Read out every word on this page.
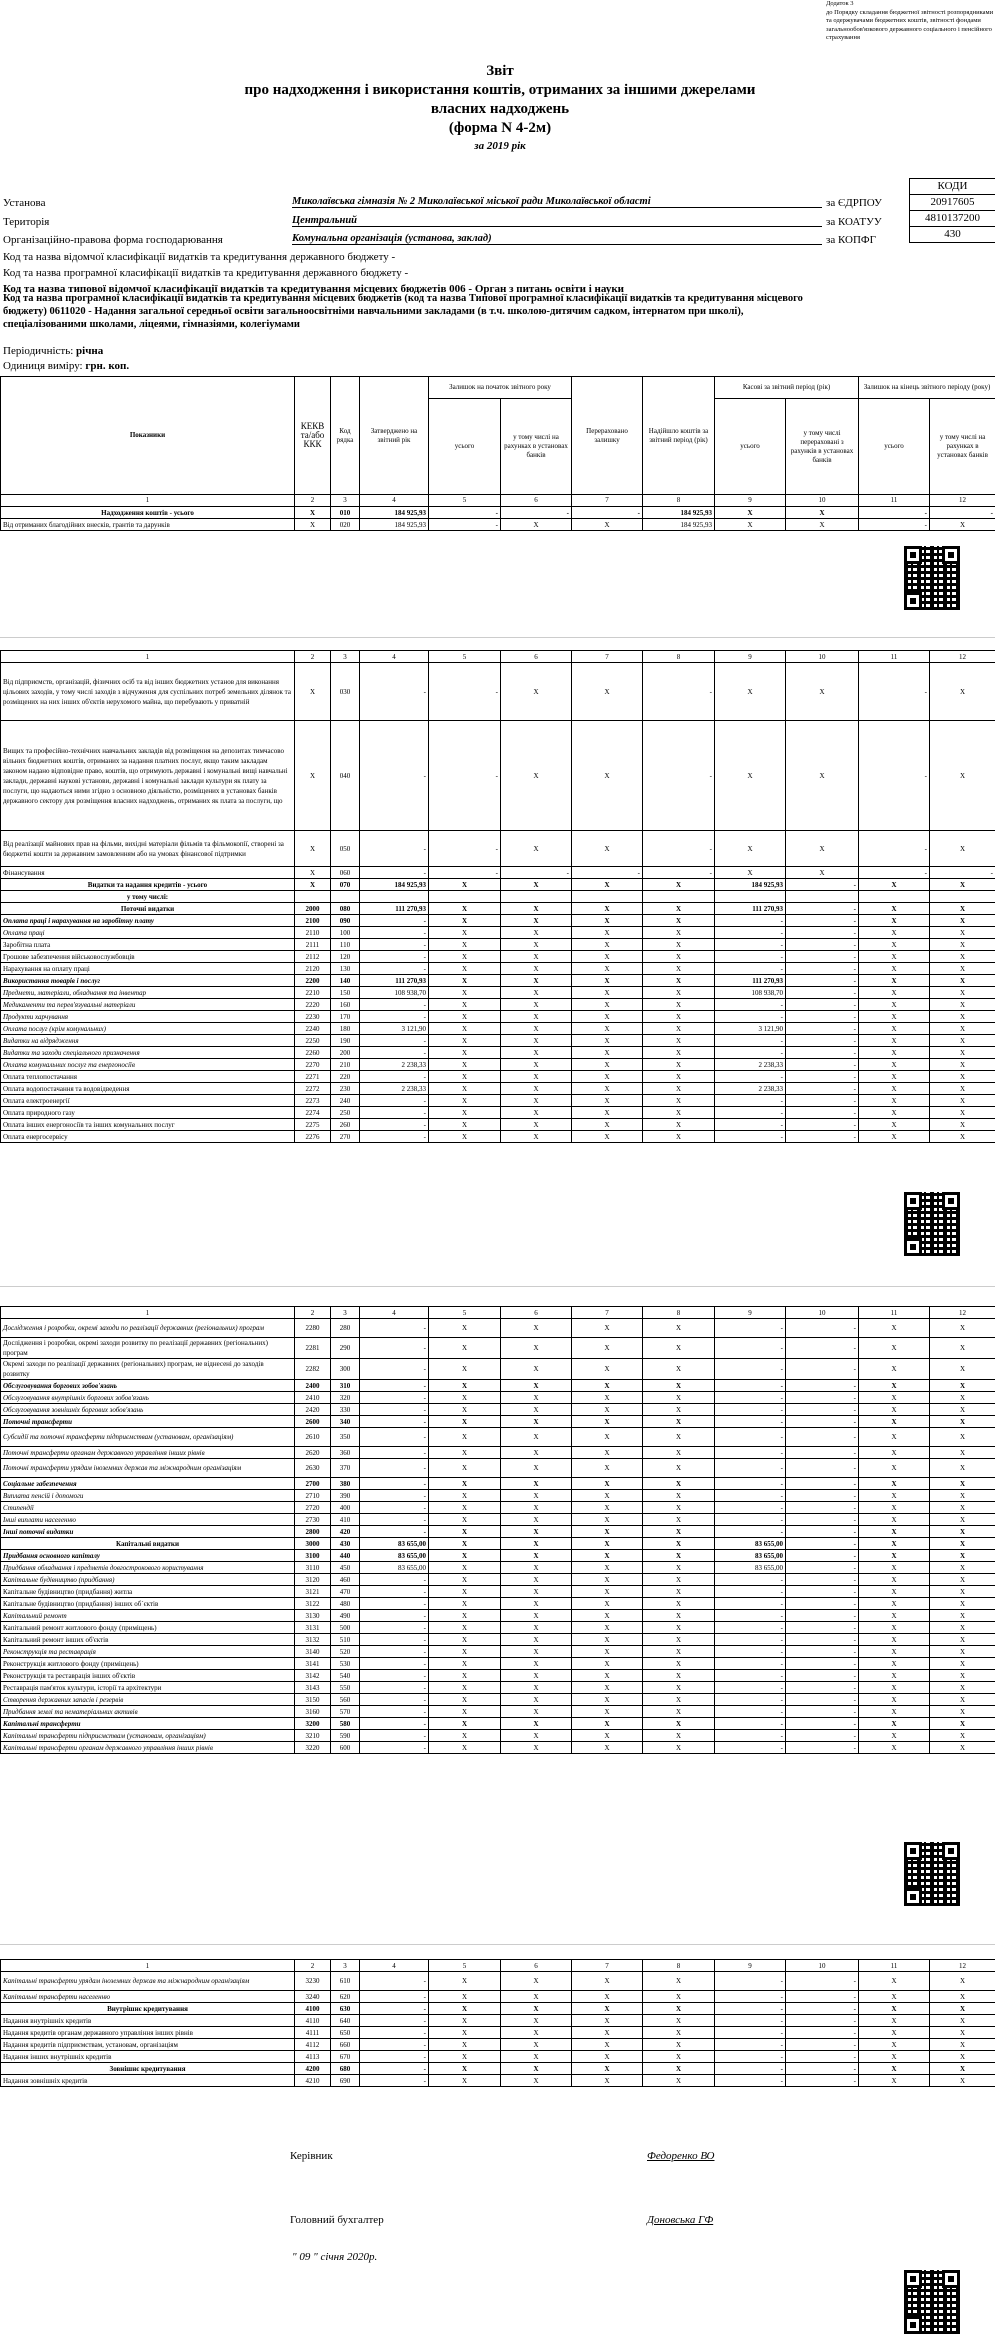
Додаток 3
до Порядку складання бюджетної звітності розпорядниками та одержувачами бюджетних коштів, звітності фондами загальнообов'язкового державного соціального і пенсійного страхування
Звіт
про надходження і використання коштів, отриманих за іншими джерелами
власних надходжень
(форма N 4-2м)
за 2019 рік
КОДИ
20917605
4810137200
430
Установа	Миколаївська гімназія № 2 Миколаївської міської ради Миколаївської області	за ЄДРПОУ
Територія	Центральний	за КОАТУУ
Організаційно-правова форма господарювання	Комунальна організація (установа, заклад)	за КОПФГ
Код та назва відомчої класифікації видатків та кредитування державного бюджету -
Код та назва програмної класифікації видатків та кредитування державного бюджету -
Код та назва типової відомчої класифікації видатків та кредитування місцевих бюджетів 006 - Орган з питань освіти і науки
Код та назва програмної класифікації видатків та кредитування місцевих бюджетів (код та назва Типової програмної класифікації видатків та кредитування місцевого бюджету) 0611020 - Надання загальної середньої освіти загальноосвітніми навчальними закладами (в т.ч. школою-дитячим садком, інтернатом при школі), спеціалізованими школами, ліцеями, гімназіями, колегіумами
Періодичність: річна
Одиниця виміру: грн. коп.
Показники	КЕКВ та/або ККК	Код рядка	Затверджено на звітний рік	Залишок на початок звітного року		Перераховано залишку	Надійшло коштів за звітний період (рік)	Касові за звітний період (рік)		Залишок на кінець звітного періоду (року)	
				усього	у тому числі на рахунках в установах банків			усього	у тому числі перераховані з рахунків в установах банків	усього	у тому числі на рахунках в установах банків
1	2	3	4	5	6	7	8	9	10	11	12
Надходження коштів - усього	Х	010	184 925,93	-	-	-	184 925,93	Х	Х	-	-
Від отриманих благодійних внесків, грантів та дарунків	Х	020	184 925,93	-	Х	Х	184 925,93	Х	Х	-	Х
1	2	3	4	5	6	7	8	9	10	11	12
Від підприємств, організацій, фізичних осіб та від інших бюджетних установ для виконання цільових заходів, у тому числі заходів з відчуження для суспільних потреб земельних ділянок та розміщених на них інших об'єктів нерухомого майна, що перебувають у приватній	Х	030	-	-	Х	Х	-	Х	Х	-	Х
Вищих та професійно-технічних навчальних закладів від розміщення на депозитах тимчасово вільних бюджетних коштів, отриманих за надання платних послуг, якщо таким закладам законом надано відповідне право, коштів, що отримують державні і комунальні вищі навчальні заклади, державні наукові установи, державні і комунальні заклади культури як плату за послуги, що надаються ними згідно з основною діяльністю, розміщених в установах банків державного сектору для розміщення власних надходжень, отриманих як плата за послуги, що	Х	040	-	-	Х	Х	-	Х	Х	-	Х
Від реалізації майнових прав на фільми, вихідні матеріали фільмів та фільмокопії, створені за бюджетні кошти за державним замовленням або на умовах фінансової підтримки	Х	050	-	-	Х	Х	-	Х	Х	-	Х
Фінансування	Х	060	-	-	-	-	-	Х	Х	-	-
Видатки та надання кредитів - усього	Х	070	184 925,93	Х	Х	Х	Х	184 925,93	-	Х	Х
у тому числі:											
Поточні видатки	2000	080	111 270,93	Х	Х	Х	Х	111 270,93	-	Х	Х
Оплата праці і нарахування на заробітну плату	2100	090	-	Х	Х	Х	Х	-	-	Х	Х
Оплата праці	2110	100	-	Х	Х	Х	Х	-	-	Х	Х
Заробітна плата	2111	110	-	Х	Х	Х	Х	-	-	Х	Х
Грошове забезпечення військовослужбовців	2112	120	-	Х	Х	Х	Х	-	-	Х	Х
Нарахування на оплату праці	2120	130	-	Х	Х	Х	Х	-	-	Х	Х
Використання товарів і послуг	2200	140	111 270,93	Х	Х	Х	Х	111 270,93	-	Х	Х
Предмети, матеріали, обладнання та інвентар	2210	150	108 938,70	Х	Х	Х	Х	108 938,70	-	Х	Х
Медикаменти та перев'язувальні матеріали	2220	160	-	Х	Х	Х	Х	-	-	Х	Х
Продукти харчування	2230	170	-	Х	Х	Х	Х	-	-	Х	Х
Оплата послуг (крім комунальних)	2240	180	3 121,90	Х	Х	Х	Х	3 121,90	-	Х	Х
Видатки на відрядження	2250	190	-	Х	Х	Х	Х	-	-	Х	Х
Видатки та заходи спеціального призначення	2260	200	-	Х	Х	Х	Х	-	-	Х	Х
Оплата комунальних послуг та енергоносіїв	2270	210	2 238,33	Х	Х	Х	Х	2 238,33	-	Х	Х
Оплата теплопостачання	2271	220	-	Х	Х	Х	Х	-	-	Х	Х
Оплата водопостачання та водовідведення	2272	230	2 238,33	Х	Х	Х	Х	2 238,33	-	Х	Х
Оплата електроенергії	2273	240	-	Х	Х	Х	Х	-	-	Х	Х
Оплата природного газу	2274	250	-	Х	Х	Х	Х	-	-	Х	Х
Оплата інших енергоносіїв та інших комунальних послуг	2275	260	-	Х	Х	Х	Х	-	-	Х	Х
Оплата енергосервісу	2276	270	-	Х	Х	Х	Х	-	-	Х	Х
1	2	3	4	5	6	7	8	9	10	11	12
Дослідження і розробки, окремі заходи по реалізації державних (регіональних) програм	2280	280	-	Х	Х	Х	Х	-	-	Х	Х
Дослідження і розробки, окремі заходи розвитку по реалізації державних (регіональних) програм	2281	290	-	Х	Х	Х	Х	-	-	Х	Х
Окремі заходи по реалізації державних (регіональних) програм, не віднесені до заходів розвитку	2282	300	-	Х	Х	Х	Х	-	-	Х	Х
Обслуговування боргових зобов'язань	2400	310	-	Х	Х	Х	Х	-	-	Х	Х
Обслуговування внутрішніх боргових зобов'язань	2410	320	-	Х	Х	Х	Х	-	-	Х	Х
Обслуговування зовнішніх боргових зобов'язань	2420	330	-	Х	Х	Х	Х	-	-	Х	Х
Поточні трансферти	2600	340	-	Х	Х	Х	Х	-	-	Х	Х
Субсидії та поточні трансферти підприємствам (установам, організаціям)	2610	350	-	Х	Х	Х	Х	-	-	Х	Х
Поточні трансферти органам державного управління інших рівнів	2620	360	-	Х	Х	Х	Х	-	-	Х	Х
Поточні трансферти урядам іноземних держав та міжнародним організаціям	2630	370	-	Х	Х	Х	Х	-	-	Х	Х
Соціальне забезпечення	2700	380	-	Х	Х	Х	Х	-	-	Х	Х
Виплата пенсій і допомоги	2710	390	-	Х	Х	Х	Х	-	-	Х	Х
Стипендії	2720	400	-	Х	Х	Х	Х	-	-	Х	Х
Інші виплати населенню	2730	410	-	Х	Х	Х	Х	-	-	Х	Х
Інші поточні видатки	2800	420	-	Х	Х	Х	Х	-	-	Х	Х
Капітальні видатки	3000	430	83 655,00	Х	Х	Х	Х	83 655,00	-	Х	Х
Придбання основного капіталу	3100	440	83 655,00	Х	Х	Х	Х	83 655,00	-	Х	Х
Придбання обладнання і предметів довгострокового користування	3110	450	83 655,00	Х	Х	Х	Х	83 655,00	-	Х	Х
Капітальне будівництво (придбання)	3120	460	-	Х	Х	Х	Х	-	-	Х	Х
Капітальне будівництво (придбання) житла	3121	470	-	Х	Х	Х	Х	-	-	Х	Х
Капітальне будівництво (придбання) інших об`єктів	3122	480	-	Х	Х	Х	Х	-	-	Х	Х
Капітальний ремонт	3130	490	-	Х	Х	Х	Х	-	-	Х	Х
Капітальний ремонт житлового фонду (приміщень)	3131	500	-	Х	Х	Х	Х	-	-	Х	Х
Капітальний ремонт інших об'єктів	3132	510	-	Х	Х	Х	Х	-	-	Х	Х
Реконструкція та реставрація	3140	520	-	Х	Х	Х	Х	-	-	Х	Х
Реконструкція житлового фонду (приміщень)	3141	530	-	Х	Х	Х	Х	-	-	Х	Х
Реконструкція та реставрація інших об'єктів	3142	540	-	Х	Х	Х	Х	-	-	Х	Х
Реставрація пам'яток культури, історії та архітектури	3143	550	-	Х	Х	Х	Х	-	-	Х	Х
Створення державних запасів і резервів	3150	560	-	Х	Х	Х	Х	-	-	Х	Х
Придбання землі та нематеріальних активів	3160	570	-	Х	Х	Х	Х	-	-	Х	Х
Капітальні трансферти	3200	580	-	Х	Х	Х	Х	-	-	Х	Х
Капітальні трансферти підприємствам (установам, організаціям)	3210	590	-	Х	Х	Х	Х	-	-	Х	Х
Капітальні трансферти органам державного управління інших рівнів	3220	600	-	Х	Х	Х	Х	-	-	Х	Х
1	2	3	4	5	6	7	8	9	10	11	12
Капітальні трансферти урядам іноземних держав та міжнародним організаціям	3230	610	-	Х	Х	Х	Х	-	-	Х	Х
Капітальні трансферти населенню	3240	620	-	Х	Х	Х	Х	-	-	Х	Х
Внутрішнє кредитування	4100	630	-	Х	Х	Х	Х	-	-	Х	Х
Надання внутрішніх кредитів	4110	640	-	Х	Х	Х	Х	-	-	Х	Х
Надання кредитів органам державного управління інших рівнів	4111	650	-	Х	Х	Х	Х	-	-	Х	Х
Надання кредитів підприємствам, установам, організаціям	4112	660	-	Х	Х	Х	Х	-	-	Х	Х
Надання інших внутрішніх кредитів	4113	670	-	Х	Х	Х	Х	-	-	Х	Х
Зовнішнє кредитування	4200	680	-	Х	Х	Х	Х	-	-	Х	Х
Надання зовнішніх кредитів	4210	690	-	Х	Х	Х	Х	-	-	Х	Х
Керівник	Федоренко ВО
Головний бухгалтер	Доновська ГФ
" 09 " січня 2020р.
